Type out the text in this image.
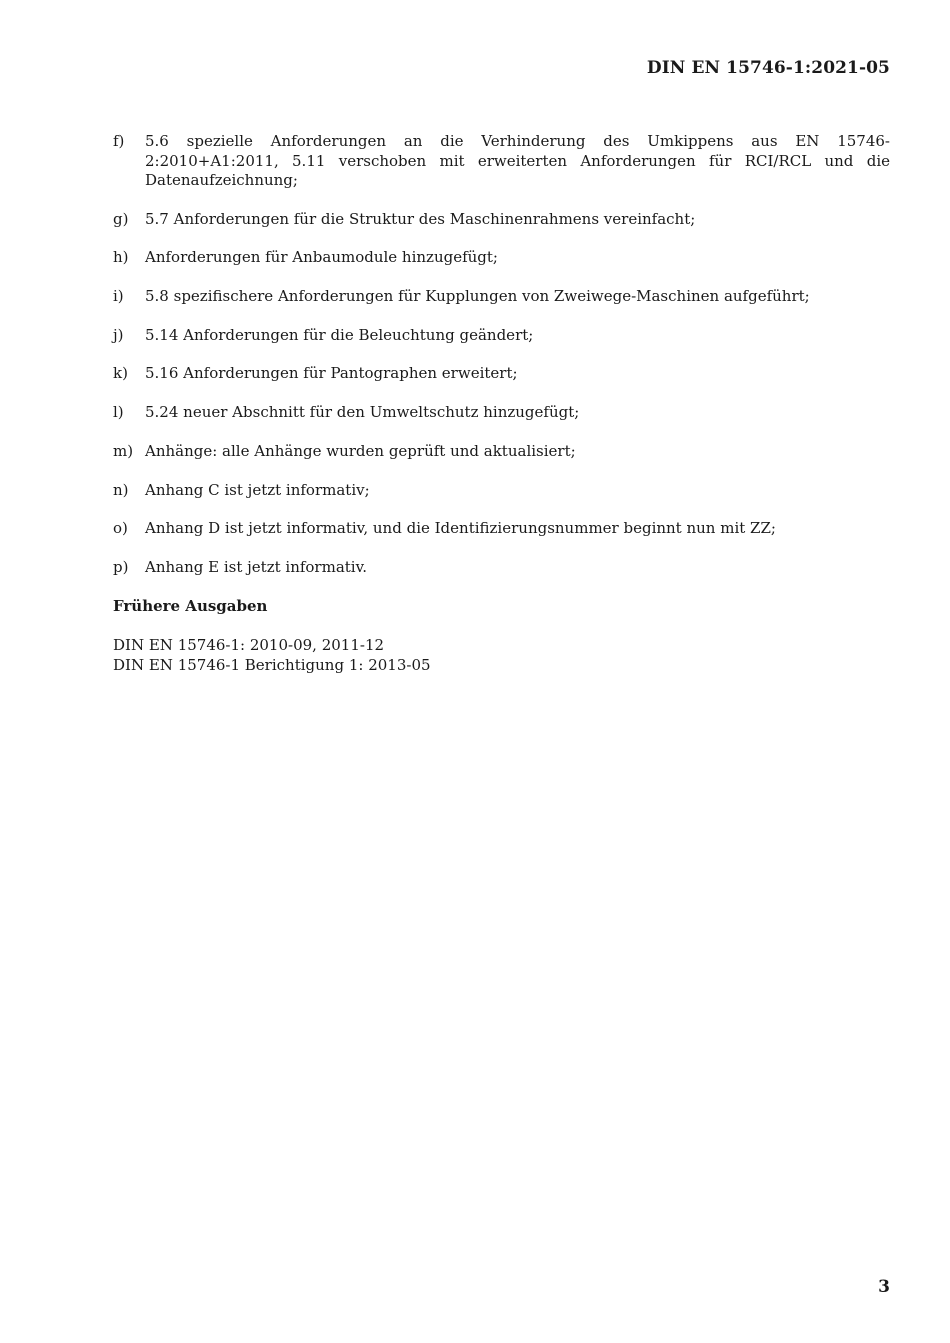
DIN EN 15746-1:2021-05
f)	5.6 spezielle Anforderungen an die Verhinderung des Umkippens aus EN 15746-2:2010+A1:2011, 5.11 verschoben mit erweiterten Anforderungen für RCI/RCL und die Datenaufzeichnung;
g)	5.7 Anforderungen für die Struktur des Maschinenrahmens vereinfacht;
h)	Anforderungen für Anbaumodule hinzugefügt;
i)	5.8 spezifischere Anforderungen für Kupplungen von Zweiwege-Maschinen aufgeführt;
j)	5.14 Anforderungen für die Beleuchtung geändert;
k)	5.16 Anforderungen für Pantographen erweitert;
l)	5.24 neuer Abschnitt für den Umweltschutz hinzugefügt;
m) Anhänge: alle Anhänge wurden geprüft und aktualisiert;
n)	Anhang C ist jetzt informativ;
o)	Anhang D ist jetzt informativ, und die Identifizierungsnummer beginnt nun mit ZZ;
p)	Anhang E ist jetzt informativ.

Frühere Ausgaben

DIN EN 15746-1: 2010-09, 2011-12

DIN EN 15746-1 Berichtigung 1: 2013-05

3
